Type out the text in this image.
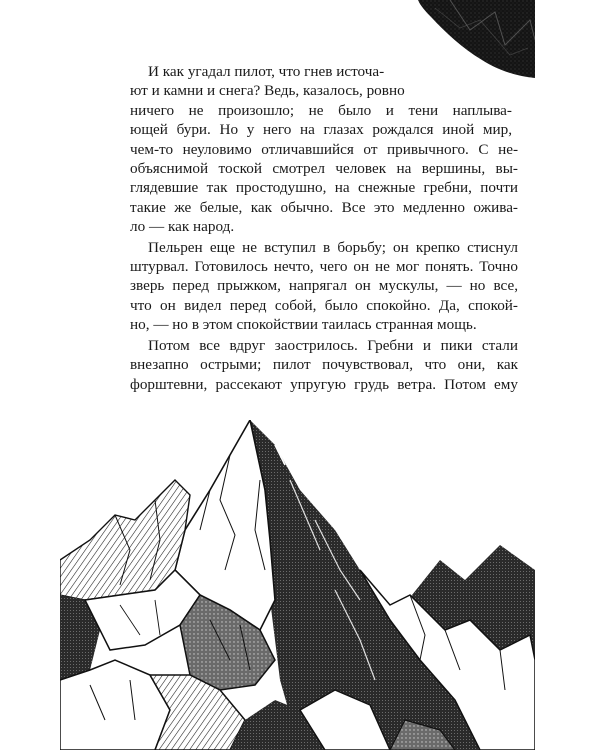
И как угадал пилот, что гнев источа-
ют и камни и снега? Ведь, казалось, ровно
ничего не произошло; не было и тени наплыва-
ющей бури. Но у него на глазах рождался иной мир,
чем-то неуловимо отличавшийся от привычного. С не-
объяснимой тоской смотрел человек на вершины, вы-
глядевшие так простодушно, на снежные гребни, почти
такие же белые, как обычно. Все это медленно ожива-
ло — как народ.
Пельрен еще не вступил в борьбу; он крепко стиснул
штурвал. Готовилось нечто, чего он не мог понять. Точно
зверь перед прыжком, напрягал он мускулы, — но все,
что он видел перед собой, было спокойно. Да, спокой-
но, — но в этом спокойствии таилась странная мощь.
Потом все вдруг заострилось. Гребни и пики стали
внезапно острыми; пилот почувствовал, что они, как
форштевни, рассекают упругую грудь ветра. Потом ему
